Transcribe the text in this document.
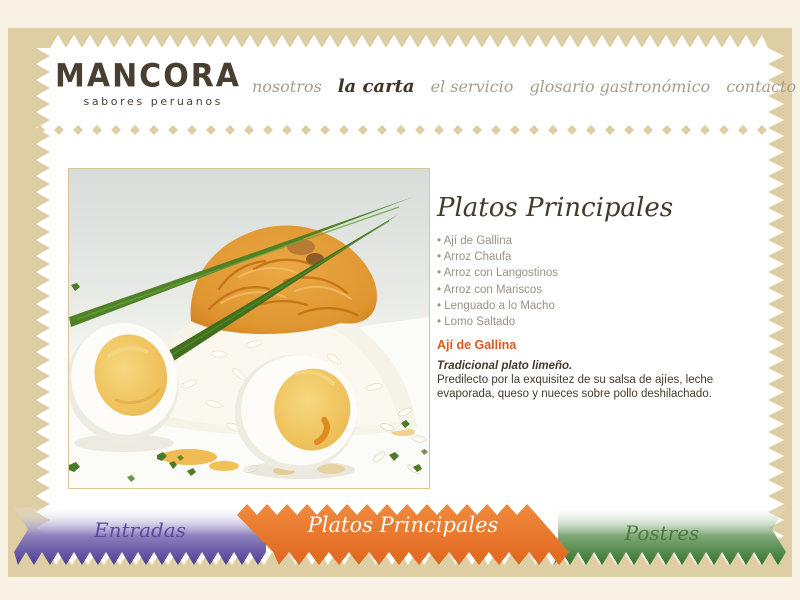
MANCORA
sabores peruanos
nosotros la carta el servicio glosario gastronómico contacto
Platos Principales
• Ají de Gallina
• Arroz Chaufa
• Arroz con Langostinos
• Arroz con Mariscos
• Lenguado a lo Macho
• Lomo Saltado

Ají de Gallina

Tradicional plato limeño.

Predilecto por la exquisitez de su salsa de ajíes, leche evaporada, queso y nueces sobre pollo deshilachado.

Entradas	Platos Principales	Postres
